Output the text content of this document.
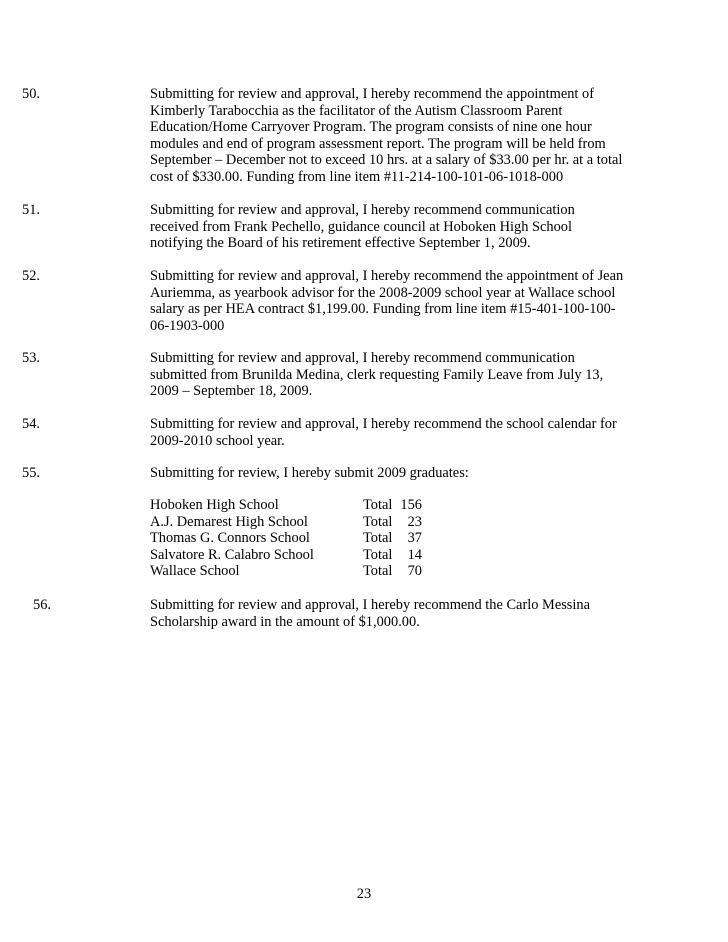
50.	Submitting for review and approval, I hereby recommend the appointment of
Kimberly Tarabocchia as the facilitator of the Autism Classroom Parent
Education/Home Carryover Program. The program consists of nine one hour
modules and end of program assessment report. The program will be held from
September – December not to exceed 10 hrs. at a salary of $33.00 per hr. at a total
cost of $330.00. Funding from line item #11-214-100-101-06-1018-000
51.	Submitting for review and approval, I hereby recommend communication
received from Frank Pechello, guidance council at Hoboken High School
notifying the Board of his retirement effective September 1, 2009.
52.	Submitting for review and approval, I hereby recommend the appointment of Jean
Auriemma, as yearbook advisor for the 2008-2009 school year at Wallace school
salary as per HEA contract $1,199.00. Funding from line item #15-401-100-100-
06-1903-000
53.	Submitting for review and approval, I hereby recommend communication
submitted from Brunilda Medina, clerk requesting Family Leave from July 13,
2009 – September 18, 2009.
54.	Submitting for review and approval, I hereby recommend the school calendar for
2009-2010 school year.
55.	Submitting for review, I hereby submit 2009 graduates:
Hoboken High School	Total 156
A.J. Demarest High School	Total	23
Thomas G. Connors School	Total	37
Salvatore R. Calabro School	Total	14
Wallace School	Total	70
56.	Submitting for review and approval, I hereby recommend the Carlo Messina
Scholarship award in the amount of $1,000.00.
23
